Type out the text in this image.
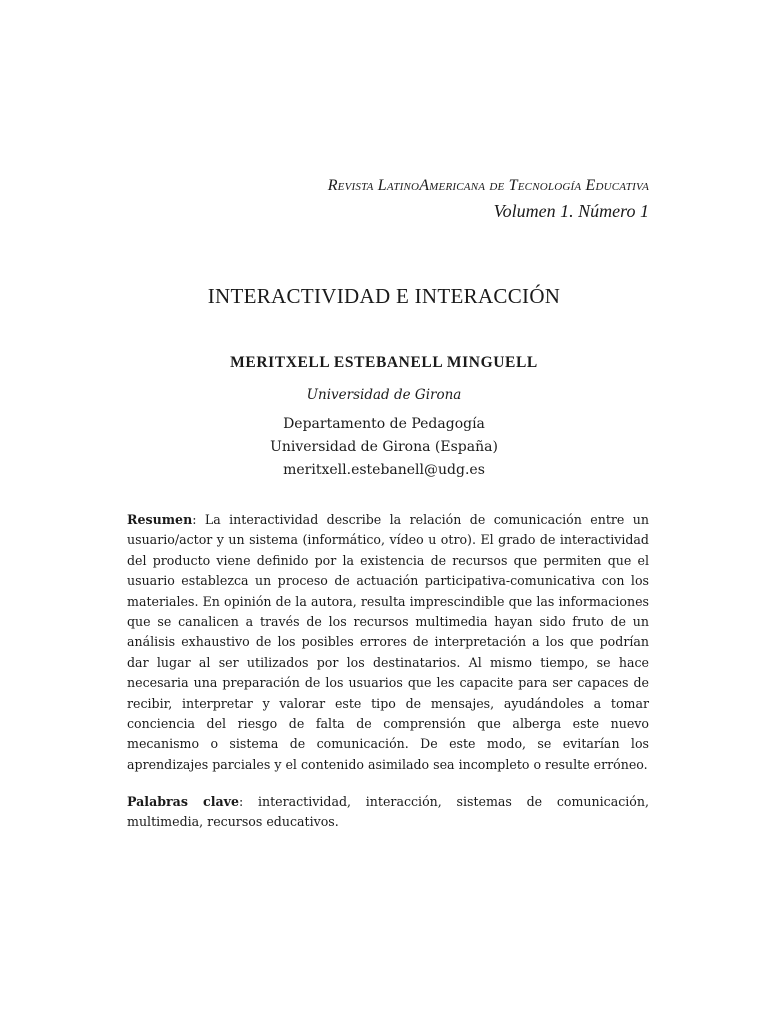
Revista LatinoAmericana de Tecnología Educativa
Volumen 1. Número 1
INTERACTIVIDAD E INTERACCIÓN
MERITXELL ESTEBANELL MINGUELL
Universidad de Girona
Departamento de Pedagogía
Universidad de Girona (España)
meritxell.estebanell@udg.es
Resumen: La interactividad describe la relación de comunicación entre un usuario/actor y un sistema (informático, vídeo u otro). El grado de interactividad del producto viene definido por la existencia de recursos que permiten que el usuario establezca un proceso de actuación participativa-comunicativa con los materiales. En opinión de la autora, resulta imprescindible que las informaciones que se canalicen a través de los recursos multimedia hayan sido fruto de un análisis exhaustivo de los posibles errores de interpretación a los que podrían dar lugar al ser utilizados por los destinatarios. Al mismo tiempo, se hace necesaria una preparación de los usuarios que les capacite para ser capaces de recibir, interpretar y valorar este tipo de mensajes, ayudándoles a tomar conciencia del riesgo de falta de comprensión que alberga este nuevo mecanismo o sistema de comunicación. De este modo, se evitarían los aprendizajes parciales y el contenido asimilado sea incompleto o resulte erróneo.
Palabras clave: interactividad, interacción, sistemas de comunicación, multimedia, recursos educativos.
